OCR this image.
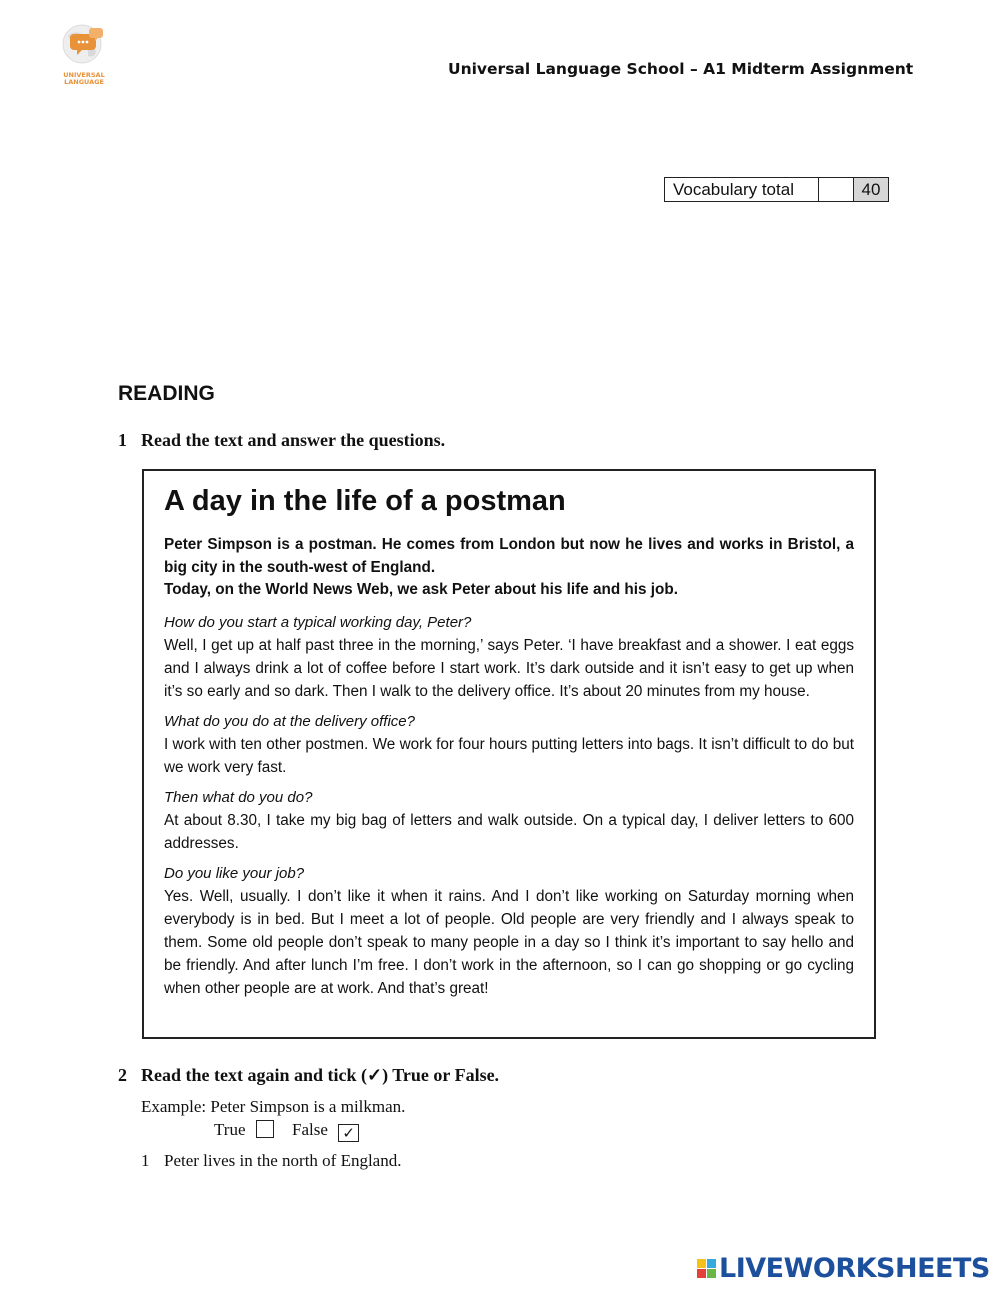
UNIVERSAL LANGUAGE
Universal Language School – A1 Midterm Assignment
Vocabulary total	40
READING
1 Read the text and answer the questions.
A day in the life of a postman

Peter Simpson is a postman. He comes from London but now he lives and works in Bristol, a big city in the south-west of England.

Today, on the World News Web, we ask Peter about his life and his job.

How do you start a typical working day, Peter?

Well, I get up at half past three in the morning,’ says Peter. ‘I have breakfast and a shower. I eat eggs and I always drink a lot of coffee before I start work. It’s dark outside and it isn’t easy to get up when it’s so early and so dark. Then I walk to the delivery office. It’s about 20 minutes from my house.

What do you do at the delivery office?

I work with ten other postmen. We work for four hours putting letters into bags. It isn’t difficult to do but we work very fast.

Then what do you do?

At about 8.30, I take my big bag of letters and walk outside. On a typical day, I deliver letters to 600 addresses.

Do you like your job?

Yes. Well, usually. I don’t like it when it rains. And I don’t like working on Saturday morning when everybody is in bed. But I meet a lot of people. Old people are very friendly and I always speak to them. Some old people don’t speak to many people in a day so I think it’s important to say hello and be friendly. And after lunch I’m free. I don’t work in the afternoon, so I can go shopping or go cycling when other people are at work. And that’s great!

2 Read the text again and tick (✓) True or False.
Example: Peter Simpson is a milkman.
True	False ✓
1 Peter lives in the north of England.
LIVEWORKSHEETS
